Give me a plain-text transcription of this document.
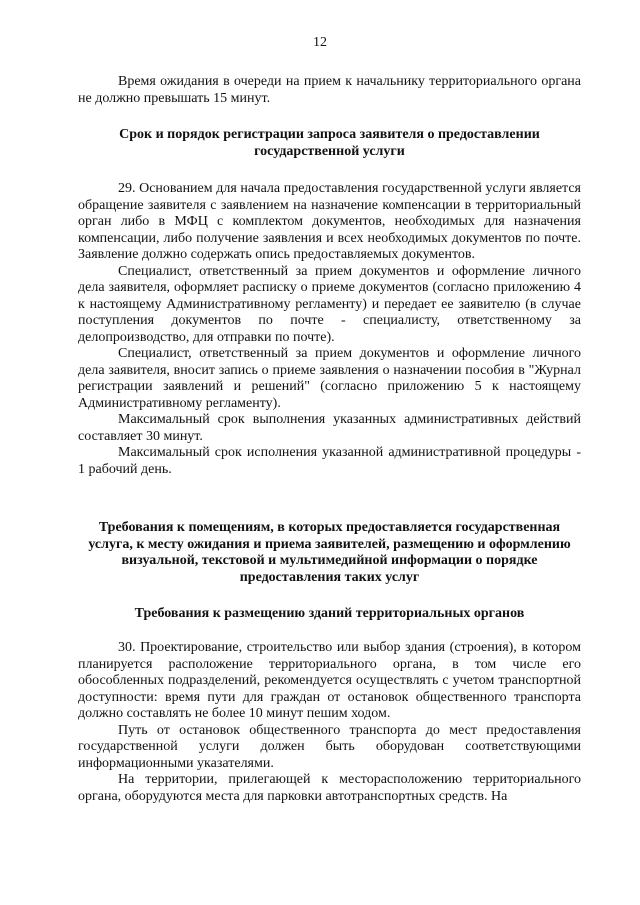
12

Время ожидания в очереди на прием к начальнику территориального органа не должно превышать 15 минут.

Срок и порядок регистрации запроса заявителя о предоставлении государственной услуги

29. Основанием для начала предоставления государственной услуги является обращение заявителя с заявлением на назначение компенсации в территориальный орган либо в МФЦ с комплектом документов, необходимых для назначения компенсации, либо получение заявления и всех необходимых документов по почте. Заявление должно содержать опись предоставляемых документов.

Специалист, ответственный за прием документов и оформление личного дела заявителя, оформляет расписку о приеме документов (согласно приложению 4 к настоящему Административному регламенту) и передает ее заявителю (в случае поступления документов по почте - специалисту, ответственному за делопроизводство, для отправки по почте).

Специалист, ответственный за прием документов и оформление личного дела заявителя, вносит запись о приеме заявления о назначении пособия в "Журнал регистрации заявлений и решений" (согласно приложению 5 к настоящему Административному регламенту).

Максимальный срок выполнения указанных административных действий составляет 30 минут.

Максимальный срок исполнения указанной административной процедуры - 1 рабочий день.

Требования к помещениям, в которых предоставляется государственная услуга, к месту ожидания и приема заявителей, размещению и оформлению визуальной, текстовой и мультимедийной информации о порядке предоставления таких услуг

Требования к размещению зданий территориальных органов

30. Проектирование, строительство или выбор здания (строения), в котором планируется расположение территориального органа, в том числе его обособленных подразделений, рекомендуется осуществлять с учетом транспортной доступности: время пути для граждан от остановок общественного транспорта должно составлять не более 10 минут пешим ходом.

Путь от остановок общественного транспорта до мест предоставления государственной услуги должен быть оборудован соответствующими информационными указателями.

На территории, прилегающей к месторасположению территориального органа, оборудуются места для парковки автотранспортных средств. На
